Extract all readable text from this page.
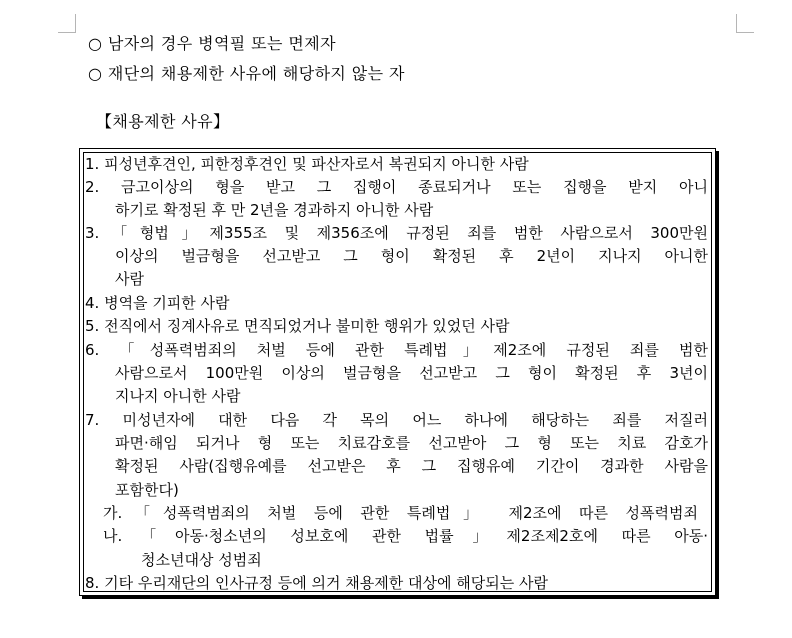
○ 남자의 경우 병역필 또는 면제자
○ 재단의 채용제한 사유에 해당하지 않는 자
【채용제한 사유】
1. 피성년후견인, 피한정후견인 및 파산자로서 복권되지 아니한 사람
2. 금고이상의 형을 받고 그 집행이 종료되거나 또는 집행을 받지 아니
하기로 확정된 후 만 2년을 경과하지 아니한 사람
3.「형법」제355조 및 제356조에 규정된 죄를 범한 사람으로서 300만원
이상의 벌금형을 선고받고 그 형이 확정된 후 2년이 지나지 아니한
사람
4. 병역을 기피한 사람
5. 전직에서 징계사유로 면직되었거나 불미한 행위가 있었던 사람
6. 「성폭력범죄의 처벌 등에 관한 특례법」제2조에 규정된 죄를 범한
사람으로서 100만원 이상의 벌금형을 선고받고 그 형이 확정된 후 3년이
지나지 아니한 사람
7. 미성년자에 대한 다음 각 목의 어느 하나에 해당하는 죄를 저질러
파면·해임 되거나 형 또는 치료감호를 선고받아 그 형 또는 치료 감호가
확정된 사람(집행유예를 선고받은 후 그 집행유예 기간이 경과한 사람을
포함한다)
가.「성폭력범죄의 처벌 등에 관한 특례법」 제2조에 따른 성폭력범죄
나.「아동·청소년의 성보호에 관한 법률」제2조제2호에 따른 아동·
청소년대상 성범죄
8. 기타 우리재단의 인사규정 등에 의거 채용제한 대상에 해당되는 사람
